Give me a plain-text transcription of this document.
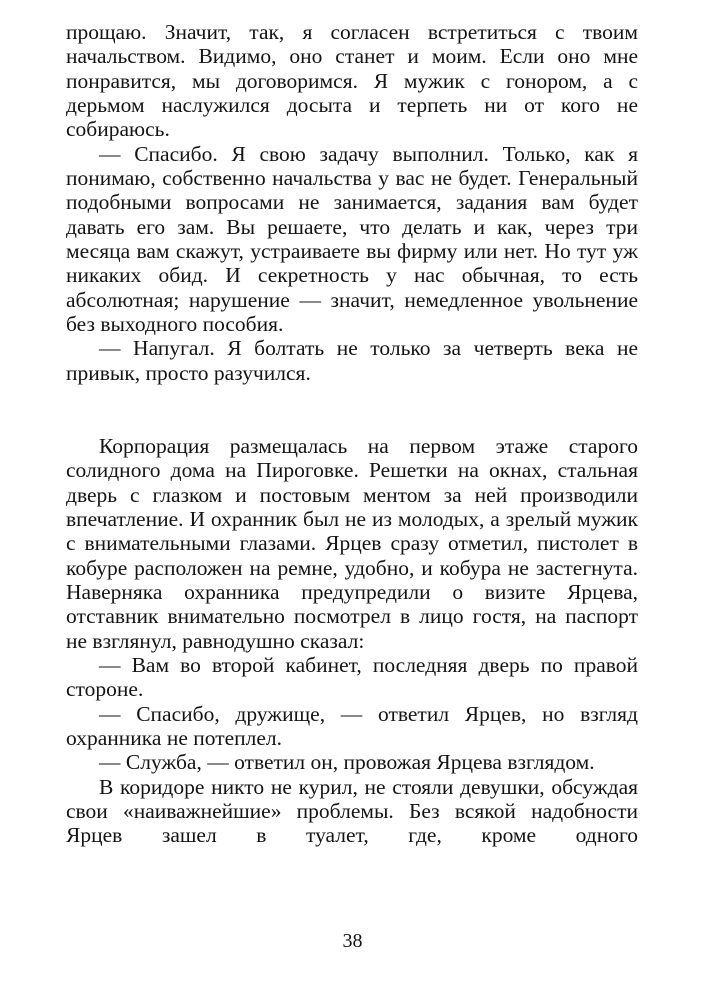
прощаю. Значит, так, я согласен встретиться с твоим начальством. Видимо, оно станет и моим. Если оно мне понравится, мы договоримся. Я мужик с гонором, а с дерьмом наслужился досыта и терпеть ни от кого не собираюсь.

— Спасибо. Я свою задачу выполнил. Только, как я понимаю, собственно начальства у вас не будет. Генеральный подобными вопросами не занимается, задания вам будет давать его зам. Вы решаете, что делать и как, через три месяца вам скажут, устраиваете вы фирму или нет. Но тут уж никаких обид. И секретность у нас обычная, то есть абсолютная; нарушение — значит, немедленное увольнение без выходного пособия.

— Напугал. Я болтать не только за четверть века не привык, просто разучился.

Корпорация размещалась на первом этаже старого солидного дома на Пироговке. Решетки на окнах, стальная дверь с глазком и постовым ментом за ней производили впечатление. И охранник был не из молодых, а зрелый мужик с внимательными глазами. Ярцев сразу отметил, пистолет в кобуре расположен на ремне, удобно, и кобура не застегнута. Наверняка охранника предупредили о визите Ярцева, отставник внимательно посмотрел в лицо гостя, на паспорт не взглянул, равнодушно сказал:

— Вам во второй кабинет, последняя дверь по правой стороне.

— Спасибо, дружище, — ответил Ярцев, но взгляд охранника не потеплел.

— Служба, — ответил он, провожая Ярцева взглядом.

В коридоре никто не курил, не стояли девушки, обсуждая свои «наиважнейшие» проблемы. Без всякой надобности Ярцев зашел в туалет, где, кроме одного

38
